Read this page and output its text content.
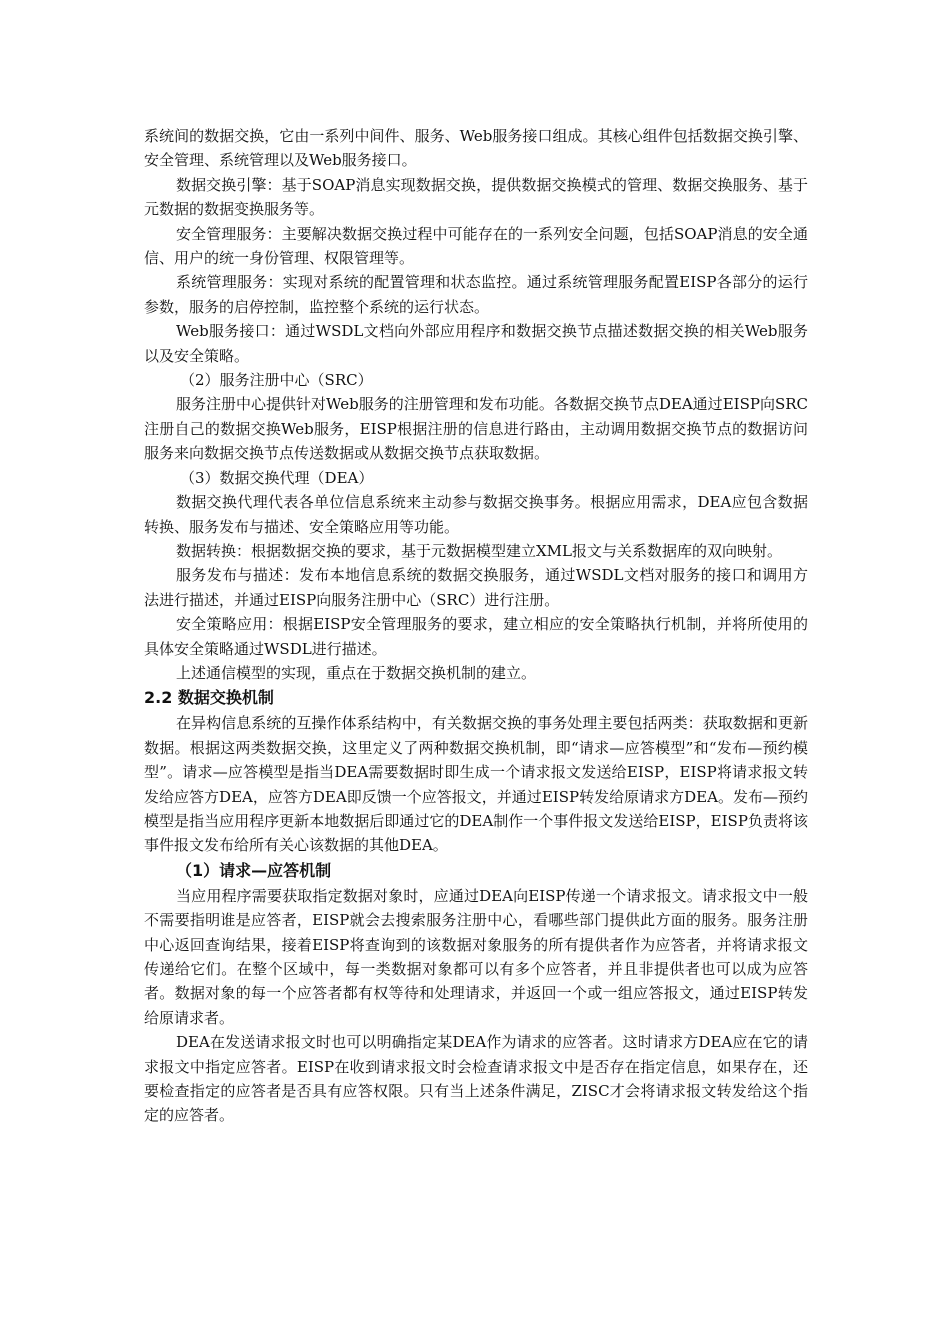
系统间的数据交换，它由一系列中间件、服务、Web服务接口组成。其核心组件包括数据交换引擎、安全管理、系统管理以及Web服务接口。

数据交换引擎：基于SOAP消息实现数据交换，提供数据交换模式的管理、数据交换服务、基于元数据的数据变换服务等。

安全管理服务：主要解决数据交换过程中可能存在的一系列安全问题，包括SOAP消息的安全通信、用户的统一身份管理、权限管理等。

系统管理服务：实现对系统的配置管理和状态监控。通过系统管理服务配置EISP各部分的运行参数，服务的启停控制，监控整个系统的运行状态。

Web服务接口：通过WSDL文档向外部应用程序和数据交换节点描述数据交换的相关Web服务以及安全策略。

（2）服务注册中心（SRC）

服务注册中心提供针对Web服务的注册管理和发布功能。各数据交换节点DEA通过EISP向SRC注册自己的数据交换Web服务，EISP根据注册的信息进行路由，主动调用数据交换节点的数据访问服务来向数据交换节点传送数据或从数据交换节点获取数据。

（3）数据交换代理（DEA）

数据交换代理代表各单位信息系统来主动参与数据交换事务。根据应用需求，DEA应包含数据转换、服务发布与描述、安全策略应用等功能。

数据转换：根据数据交换的要求，基于元数据模型建立XML报文与关系数据库的双向映射。

服务发布与描述：发布本地信息系统的数据交换服务，通过WSDL文档对服务的接口和调用方法进行描述，并通过EISP向服务注册中心（SRC）进行注册。

安全策略应用：根据EISP安全管理服务的要求，建立相应的安全策略执行机制，并将所使用的具体安全策略通过WSDL进行描述。

上述通信模型的实现，重点在于数据交换机制的建立。

2.2 数据交换机制

在异构信息系统的互操作体系结构中，有关数据交换的事务处理主要包括两类：获取数据和更新数据。根据这两类数据交换，这里定义了两种数据交换机制，即“请求—应答模型”和“发布—预约模型”。请求—应答模型是指当DEA需要数据时即生成一个请求报文发送给EISP，EISP将请求报文转发给应答方DEA，应答方DEA即反馈一个应答报文，并通过EISP转发给原请求方DEA。发布—预约模型是指当应用程序更新本地数据后即通过它的DEA制作一个事件报文发送给EISP，EISP负责将该事件报文发布给所有关心该数据的其他DEA。

（1）请求—应答机制

当应用程序需要获取指定数据对象时，应通过DEA向EISP传递一个请求报文。请求报文中一般不需要指明谁是应答者，EISP就会去搜索服务注册中心，看哪些部门提供此方面的服务。服务注册中心返回查询结果，接着EISP将查询到的该数据对象服务的所有提供者作为应答者，并将请求报文传递给它们。在整个区域中，每一类数据对象都可以有多个应答者，并且非提供者也可以成为应答者。数据对象的每一个应答者都有权等待和处理请求，并返回一个或一组应答报文，通过EISP转发给原请求者。

DEA在发送请求报文时也可以明确指定某DEA作为请求的应答者。这时请求方DEA应在它的请求报文中指定应答者。EISP在收到请求报文时会检查请求报文中是否存在指定信息，如果存在，还要检查指定的应答者是否具有应答权限。只有当上述条件满足，ZISC才会将请求报文转发给这个指定的应答者。
